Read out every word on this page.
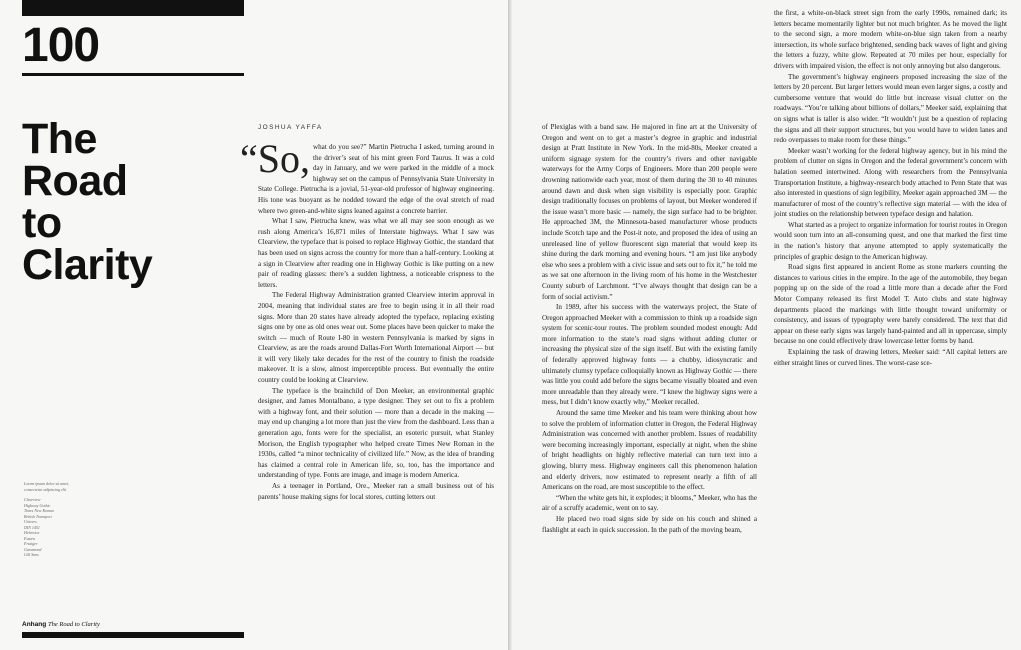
100
The
Road
to
Clarity
Lorem ipsum dolor sit amet,
consectetur adipiscing elit
Clearview
Highway Gothic
Times New Roman
British Transport
Univers
DIN 1451
Helvetica
Futura
Frutiger
Garamond
Gill Sans
JOSHUA YAFFA

“So, what do you see?” Martin Pietrucha I asked, turning around in the driver’s seat of his mint green Ford Taurus. It was a cold day in January, and we were parked in the middle of a mock highway set on the campus of Pennsylvania State University in State College. Pietrucha is a jovial, 51-year-old professor of highway engineering. His tone was buoyant as he nodded toward the edge of the oval stretch of road where two green-and-white signs leaned against a concrete barrier.

What I saw, Pietrucha knew, was what we all may see soon enough as we rush along America’s 16,871 miles of Interstate highways. What I saw was Clearview, the typeface that is poised to replace Highway Gothic, the standard that has been used on signs across the country for more than a half-century. Looking at a sign in Clearview after reading one in Highway Gothic is like putting on a new pair of reading glasses: there’s a sudden lightness, a noticeable crispness to the letters.

The Federal Highway Administration granted Clearview interim approval in 2004, meaning that individual states are free to begin using it in all their road signs. More than 20 states have already adopted the typeface, replacing existing signs one by one as old ones wear out. Some places have been quicker to make the switch — much of Route I-80 in western Pennsylvania is marked by signs in Clearview, as are the roads around Dallas-Fort Worth International Airport — but it will very likely take decades for the rest of the country to finish the roadside makeover. It is a slow, almost imperceptible process. But eventually the entire country could be looking at Clearview.

The typeface is the brainchild of Don Meeker, an environmental graphic designer, and James Montalbano, a type designer. They set out to fix a problem with a highway font, and their solution — more than a decade in the making — may end up changing a lot more than just the view from the dashboard. Less than a generation ago, fonts were for the specialist, an esoteric pursuit, what Stanley Morison, the English typographer who helped create Times New Roman in the 1930s, called “a minor technicality of civilized life.” Now, as the idea of branding has claimed a central role in American life, so, too, has the importance and understanding of type. Fonts are image, and image is modern America.

As a teenager in Portland, Ore., Meeker ran a small business out of his parents’ house making signs for local stores, cutting letters out

Anhang The Road to Clarity

of Plexiglas with a band saw. He majored in fine art at the University of Oregon and went on to get a master’s degree in graphic and industrial design at Pratt Institute in New York. In the mid-80s, Meeker created a uniform signage system for the country’s rivers and other navigable waterways for the Army Corps of Engineers. More than 200 people were drowning nationwide each year, most of them during the 30 to 40 minutes around dawn and dusk when sign visibility is especially poor. Graphic design traditionally focuses on problems of layout, but Meeker wondered if the issue wasn’t more basic — namely, the sign surface had to be brighter. He approached 3M, the Minnesota-based manufacturer whose products include Scotch tape and the Post-it note, and proposed the idea of using an unreleased line of yellow fluorescent sign material that would keep its shine during the dark morning and evening hours. “I am just like anybody else who sees a problem with a civic issue and sets out to fix it,” he told me as we sat one afternoon in the living room of his home in the Westchester County suburb of Larchmont. “I’ve always thought that design can be a form of social activism.”

In 1989, after his success with the waterways project, the State of Oregon approached Meeker with a commission to think up a roadside sign system for scenic-tour routes. The problem sounded modest enough: Add more information to the state’s road signs without adding clutter or increasing the physical size of the sign itself. But with the existing family of federally approved highway fonts — a chubby, idiosyncratic and ultimately clumsy typeface colloquially known as Highway Gothic — there was little you could add before the signs became visually bloated and even more unreadable than they already were. “I knew the highway signs were a mess, but I didn’t know exactly why,” Meeker recalled.

Around the same time Meeker and his team were thinking about how to solve the problem of information clutter in Oregon, the Federal Highway Administration was concerned with another problem. Issues of readability were becoming increasingly important, especially at night, when the shine of bright headlights on highly reflective material can turn text into a glowing, blurry mess. Highway engineers call this phenomenon halation and elderly drivers, now estimated to represent nearly a fifth of all Americans on the road, are most susceptible to the effect.

“When the white gets hit, it explodes; it blooms,” Meeker, who has the air of a scruffy academic, went on to say.

He placed two road signs side by side on his couch and shined a flashlight at each in quick succession. In the path of the moving beam,

the first, a white-on-black street sign from the early 1990s, remained dark; its letters became momentarily lighter but not much brighter. As he moved the light to the second sign, a more modern white-on-blue sign taken from a nearby intersection, its whole surface brightened, sending back waves of light and giving the letters a fuzzy, white glow. Repeated at 70 miles per hour, especially for drivers with impaired vision, the effect is not only annoying but also dangerous.

The government’s highway engineers proposed increasing the size of the letters by 20 percent. But larger letters would mean even larger signs, a costly and cumbersome venture that would do little but increase visual clutter on the roadways. “You’re talking about billions of dollars,” Meeker said, explaining that on signs what is taller is also wider. “It wouldn’t just be a question of replacing the signs and all their support structures, but you would have to widen lanes and redo overpasses to make room for these things.”

Meeker wasn’t working for the federal highway agency, but in his mind the problem of clutter on signs in Oregon and the federal government’s concern with halation seemed intertwined. Along with researchers from the Pennsylvania Transportation Institute, a highway-research body attached to Penn State that was also interested in questions of sign legibility, Meeker again approached 3M — the manufacturer of most of the country’s reflective sign material — with the idea of joint studies on the relationship between typeface design and halation.

What started as a project to organize information for tourist routes in Oregon would soon turn into an all-consuming quest, and one that marked the first time in the nation’s history that anyone attempted to apply systematically the principles of graphic design to the American highway.

Road signs first appeared in ancient Rome as stone markers counting the distances to various cities in the empire. In the age of the automobile, they began popping up on the side of the road a little more than a decade after the Ford Motor Company released its first Model T. Auto clubs and state highway departments placed the markings with little thought toward uniformity or consistency, and issues of typography were barely considered. The text that did appear on these early signs was largely hand-painted and all in uppercase, simply because no one could effectively draw lowercase letter forms by hand.

Explaining the task of drawing letters, Meeker said: “All capital letters are either straight lines or curved lines. The worst-case sce-
